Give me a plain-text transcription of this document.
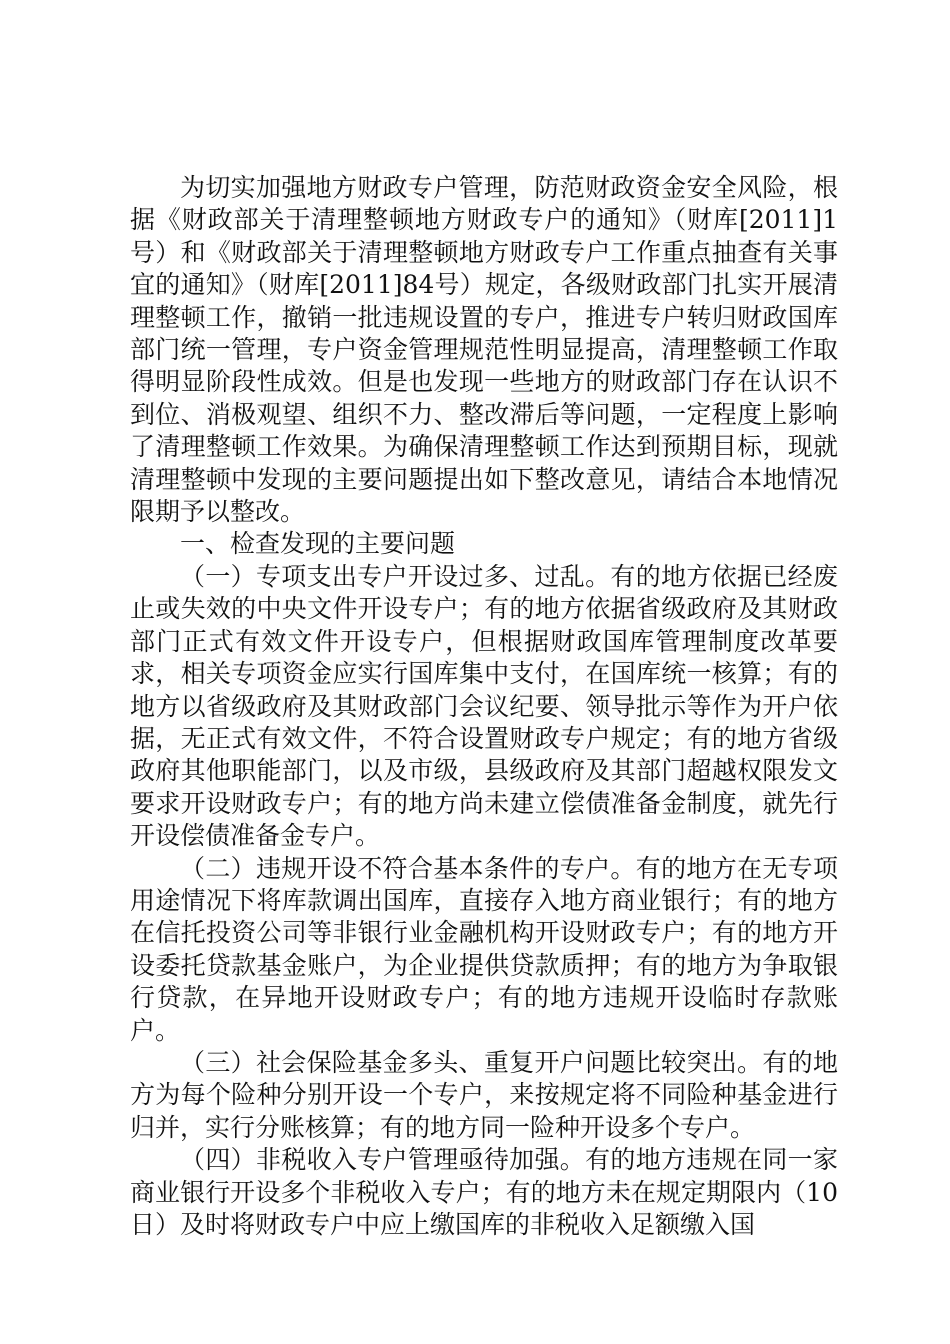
为切实加强地方财政专户管理，防范财政资金安全风险，根据《财政部关于清理整顿地方财政专户的通知》（财库[2011]1号）和《财政部关于清理整顿地方财政专户工作重点抽查有关事宜的通知》（财库[2011]84号）规定，各级财政部门扎实开展清理整顿工作，撤销一批违规设置的专户，推进专户转归财政国库部门统一管理，专户资金管理规范性明显提高，清理整顿工作取得明显阶段性成效。但是也发现一些地方的财政部门存在认识不到位、消极观望、组织不力、整改滞后等问题，一定程度上影响了清理整顿工作效果。为确保清理整顿工作达到预期目标，现就清理整顿中发现的主要问题提出如下整改意见，请结合本地情况限期予以整改。

一、检查发现的主要问题

（一）专项支出专户开设过多、过乱。有的地方依据已经废止或失效的中央文件开设专户；有的地方依据省级政府及其财政部门正式有效文件开设专户，但根据财政国库管理制度改革要求，相关专项资金应实行国库集中支付，在国库统一核算；有的地方以省级政府及其财政部门会议纪要、领导批示等作为开户依据，无正式有效文件，不符合设置财政专户规定；有的地方省级政府其他职能部门，以及市级，县级政府及其部门超越权限发文要求开设财政专户；有的地方尚未建立偿债准备金制度，就先行开设偿债准备金专户。

（二）违规开设不符合基本条件的专户。有的地方在无专项用途情况下将库款调出国库，直接存入地方商业银行；有的地方在信托投资公司等非银行业金融机构开设财政专户；有的地方开设委托贷款基金账户，为企业提供贷款质押；有的地方为争取银行贷款，在异地开设财政专户；有的地方违规开设临时存款账户。

（三）社会保险基金多头、重复开户问题比较突出。有的地方为每个险种分别开设一个专户，来按规定将不同险种基金进行归并，实行分账核算；有的地方同一险种开设多个专户。

（四）非税收入专户管理亟待加强。有的地方违规在同一家商业银行开设多个非税收入专户；有的地方未在规定期限内（10日）及时将财政专户中应上缴国库的非税收入足额缴入国
